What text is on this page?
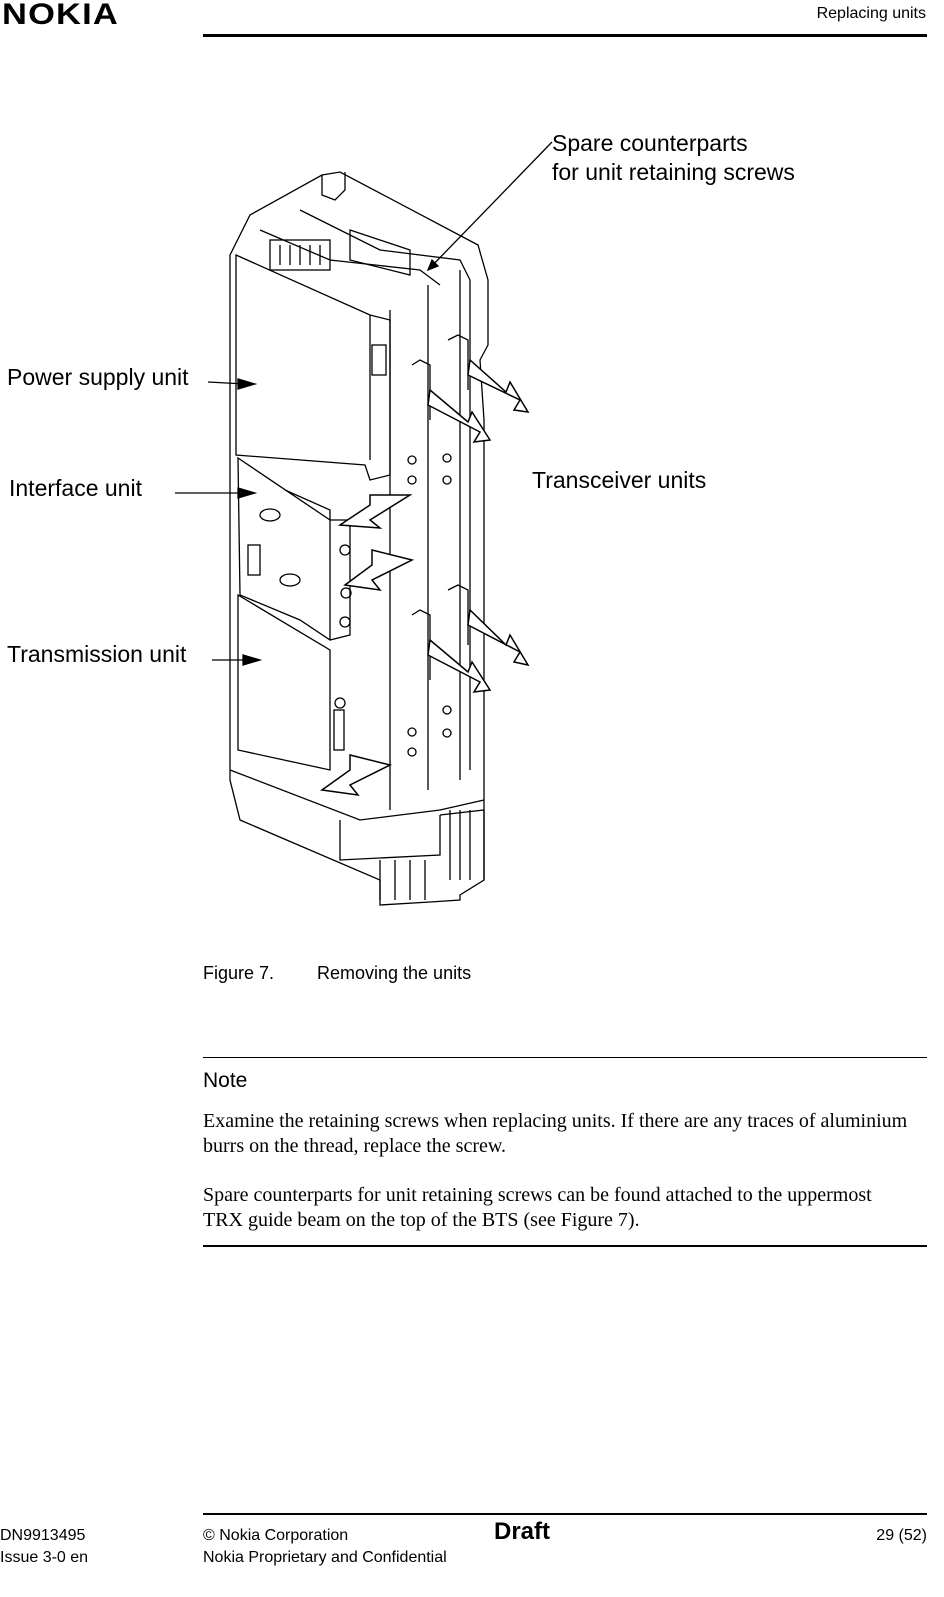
NOKIA	Replacing units
Spare counterparts
for unit retaining screws
Power supply unit
Interface unit	Transceiver units
Transmission unit
Figure 7. Removing the units
Note
Examine the retaining screws when replacing units. If there are any traces of aluminium burrs on the thread, replace the screw.
Spare counterparts for unit retaining screws can be found attached to the uppermost TRX guide beam on the top of the BTS (see Figure 7).
DN9913495
Issue 3-0 en
© Nokia Corporation
Nokia Proprietary and Confidential
Draft	29 (52)
